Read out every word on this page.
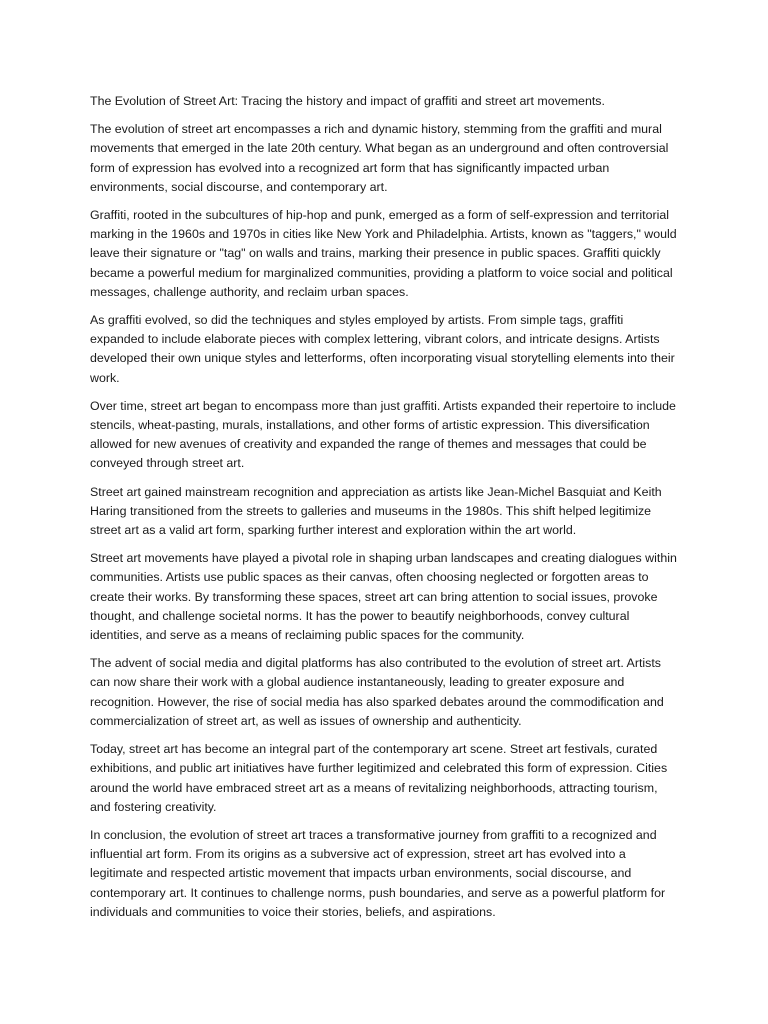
The Evolution of Street Art: Tracing the history and impact of graffiti and street art movements.

The evolution of street art encompasses a rich and dynamic history, stemming from the graffiti and mural movements that emerged in the late 20th century. What began as an underground and often controversial form of expression has evolved into a recognized art form that has significantly impacted urban environments, social discourse, and contemporary art.

Graffiti, rooted in the subcultures of hip-hop and punk, emerged as a form of self-expression and territorial marking in the 1960s and 1970s in cities like New York and Philadelphia. Artists, known as "taggers," would leave their signature or "tag" on walls and trains, marking their presence in public spaces. Graffiti quickly became a powerful medium for marginalized communities, providing a platform to voice social and political messages, challenge authority, and reclaim urban spaces.

As graffiti evolved, so did the techniques and styles employed by artists. From simple tags, graffiti expanded to include elaborate pieces with complex lettering, vibrant colors, and intricate designs. Artists developed their own unique styles and letterforms, often incorporating visual storytelling elements into their work.

Over time, street art began to encompass more than just graffiti. Artists expanded their repertoire to include stencils, wheat-pasting, murals, installations, and other forms of artistic expression. This diversification allowed for new avenues of creativity and expanded the range of themes and messages that could be conveyed through street art.

Street art gained mainstream recognition and appreciation as artists like Jean-Michel Basquiat and Keith Haring transitioned from the streets to galleries and museums in the 1980s. This shift helped legitimize street art as a valid art form, sparking further interest and exploration within the art world.

Street art movements have played a pivotal role in shaping urban landscapes and creating dialogues within communities. Artists use public spaces as their canvas, often choosing neglected or forgotten areas to create their works. By transforming these spaces, street art can bring attention to social issues, provoke thought, and challenge societal norms. It has the power to beautify neighborhoods, convey cultural identities, and serve as a means of reclaiming public spaces for the community.

The advent of social media and digital platforms has also contributed to the evolution of street art. Artists can now share their work with a global audience instantaneously, leading to greater exposure and recognition. However, the rise of social media has also sparked debates around the commodification and commercialization of street art, as well as issues of ownership and authenticity.

Today, street art has become an integral part of the contemporary art scene. Street art festivals, curated exhibitions, and public art initiatives have further legitimized and celebrated this form of expression. Cities around the world have embraced street art as a means of revitalizing neighborhoods, attracting tourism, and fostering creativity.

In conclusion, the evolution of street art traces a transformative journey from graffiti to a recognized and influential art form. From its origins as a subversive act of expression, street art has evolved into a legitimate and respected artistic movement that impacts urban environments, social discourse, and contemporary art. It continues to challenge norms, push boundaries, and serve as a powerful platform for individuals and communities to voice their stories, beliefs, and aspirations.
